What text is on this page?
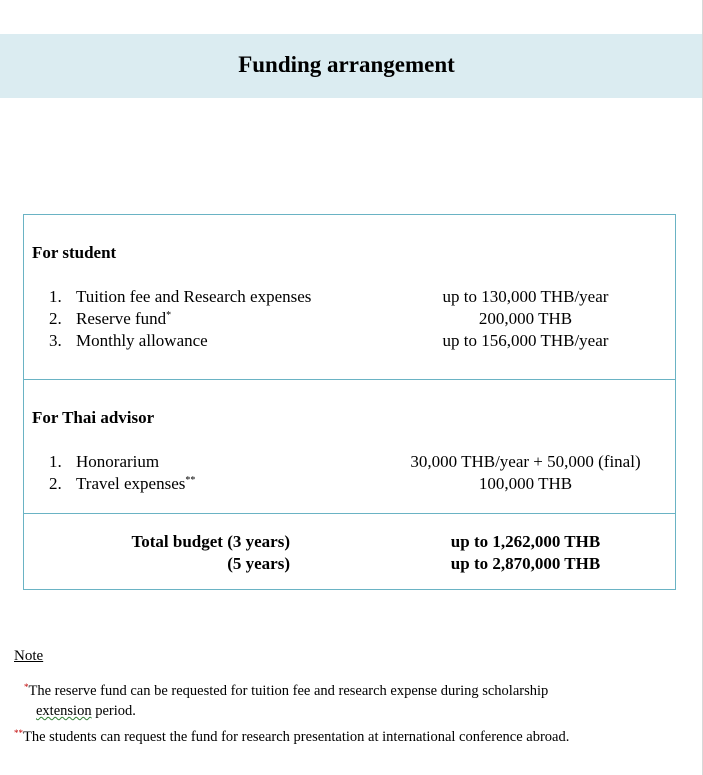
Funding arrangement
For student
1. Tuition fee and Research expenses	up to 130,000 THB/year
2. Reserve fund*	200,000 THB
3. Monthly allowance	up to 156,000 THB/year
For Thai advisor
1. Honorarium	30,000 THB/year + 50,000 (final)
2. Travel expenses**	100,000 THB
Total budget (3 years)	up to 1,262,000 THB
(5 years)	up to 2,870,000 THB
Note
*The reserve fund can be requested for tuition fee and research expense during scholarship
extension period.
**The students can request the fund for research presentation at international conference abroad.
